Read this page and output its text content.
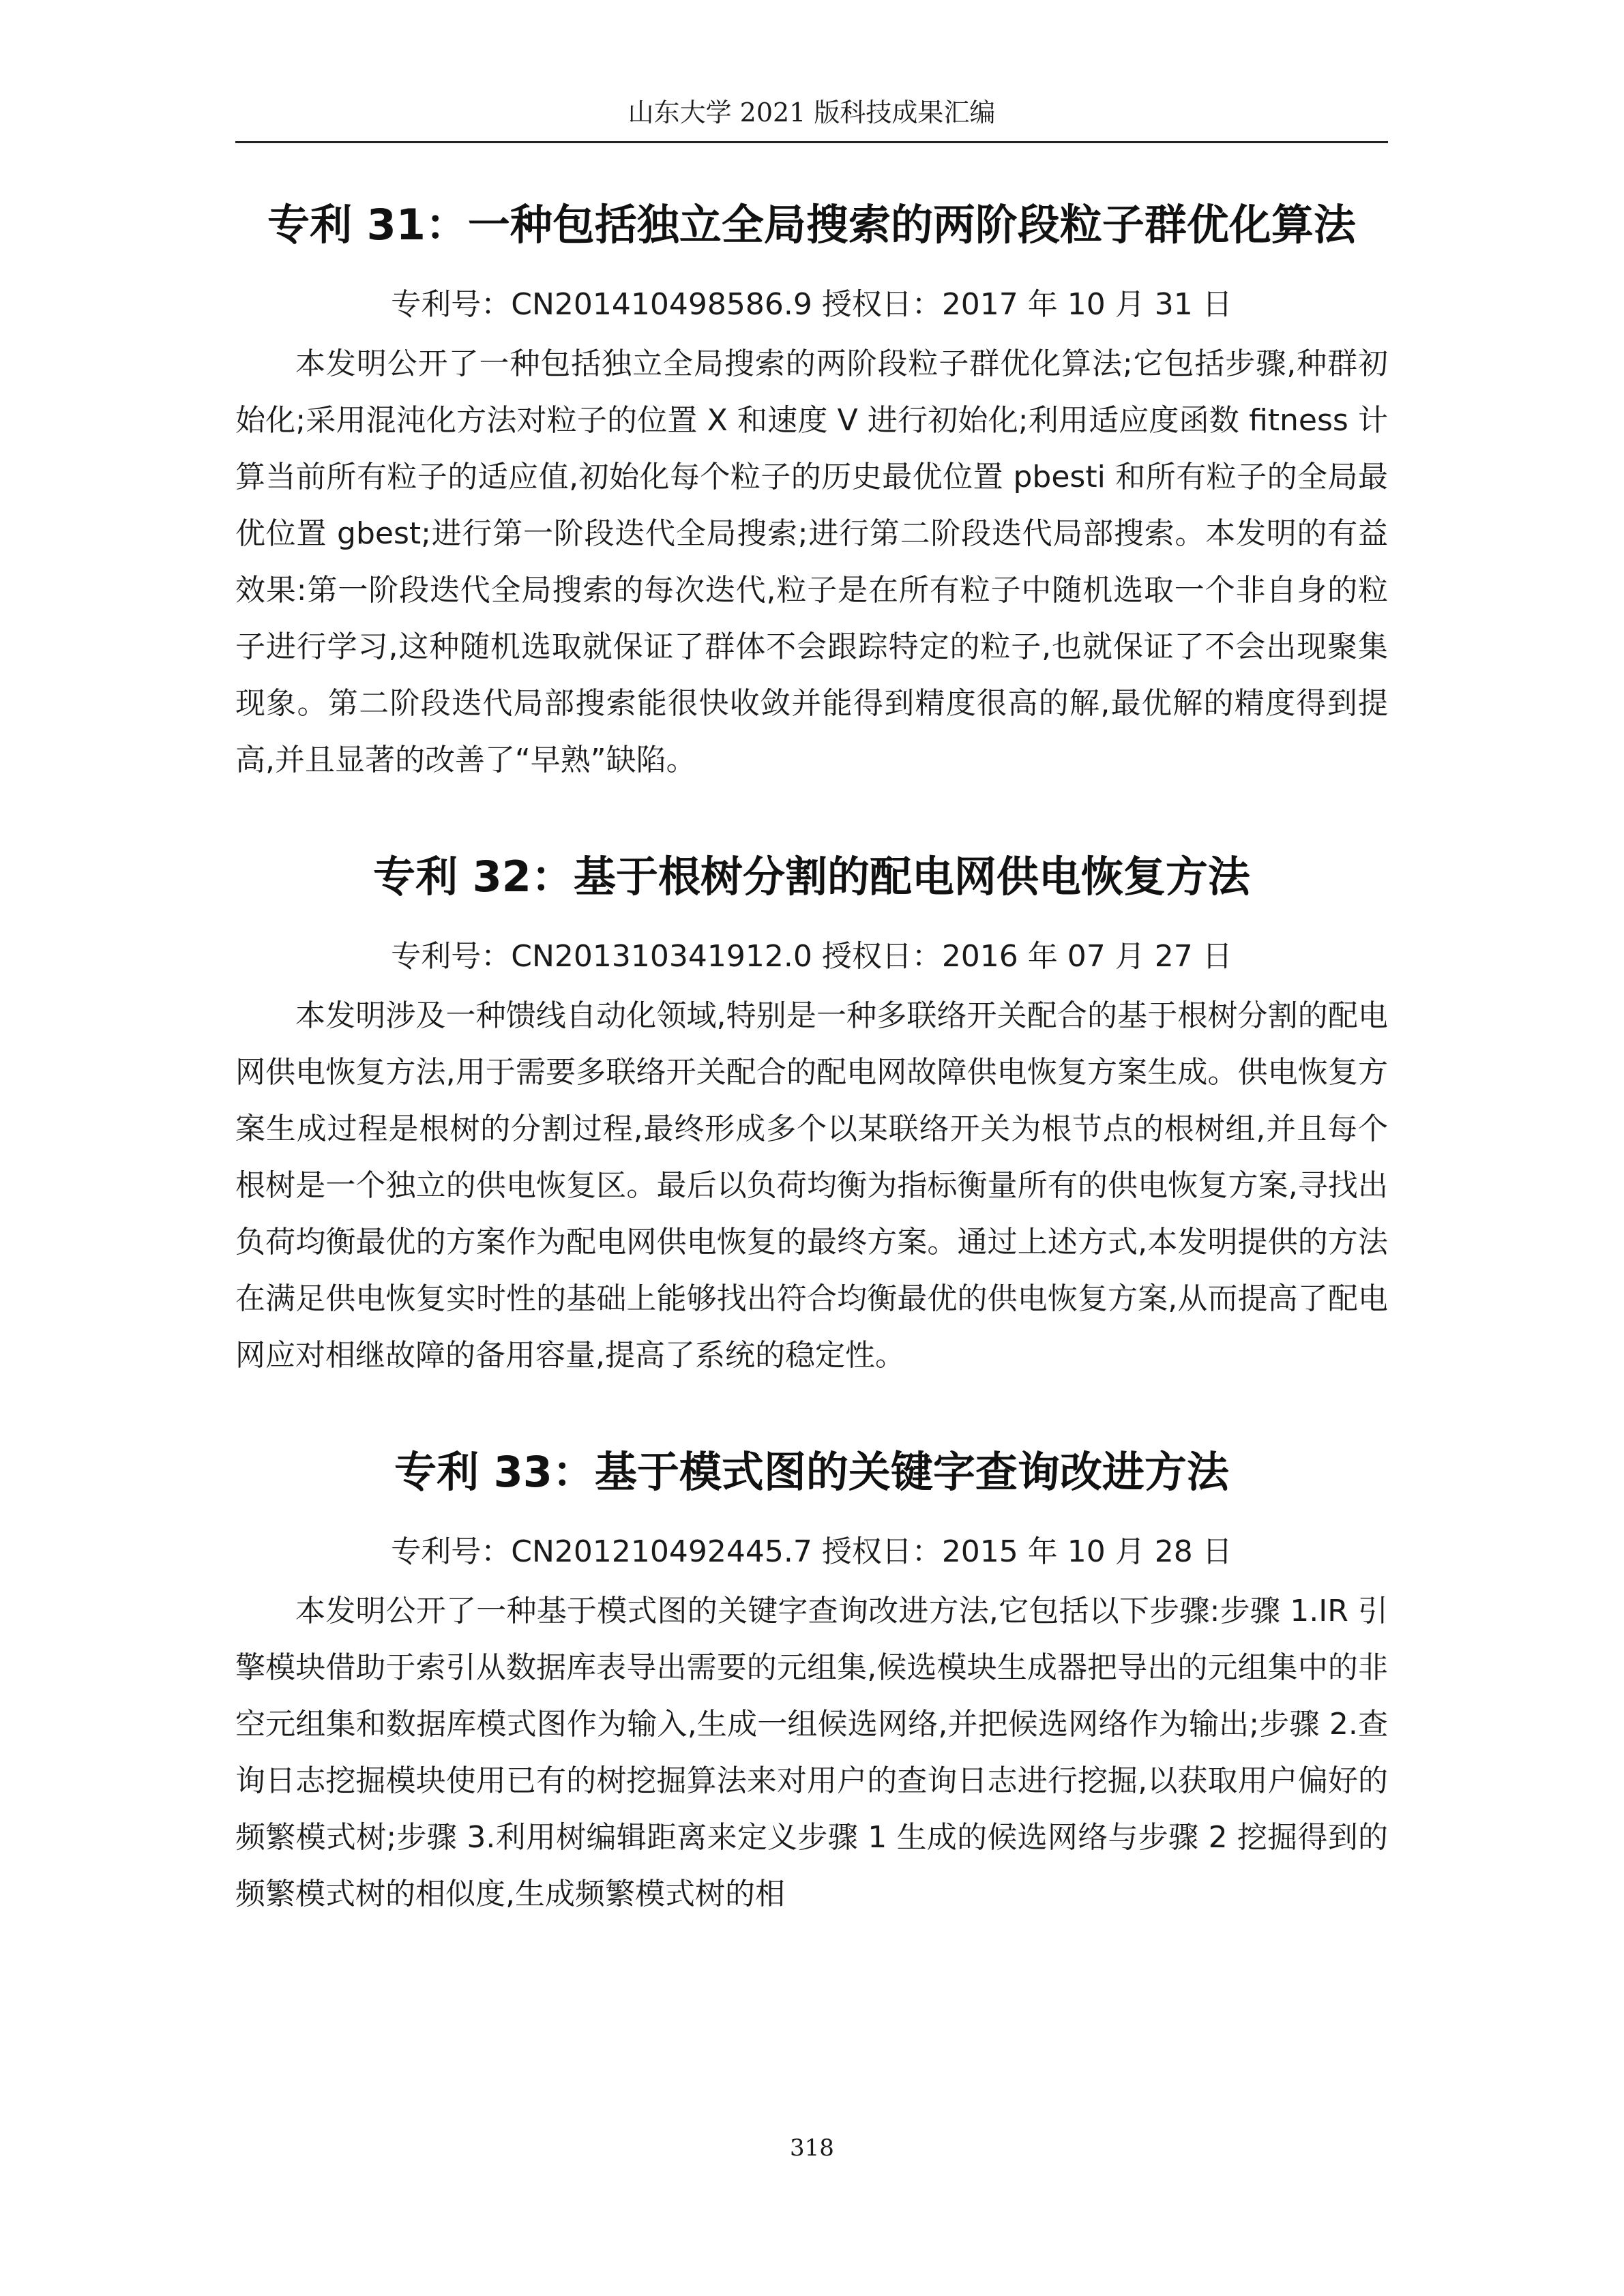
山东大学 2021 版科技成果汇编
专利 31：一种包括独立全局搜索的两阶段粒子群优化算法
专利号：CN201410498586.9 授权日：2017 年 10 月 31 日

本发明公开了一种包括独立全局搜索的两阶段粒子群优化算法;它包括步骤,种群初始化;采用混沌化方法对粒子的位置 X 和速度 V 进行初始化;利用适应度函数 fitness 计算当前所有粒子的适应值,初始化每个粒子的历史最优位置 pbesti 和所有粒子的全局最优位置 gbest;进行第一阶段迭代全局搜索;进行第二阶段迭代局部搜索。本发明的有益效果:第一阶段迭代全局搜索的每次迭代,粒子是在所有粒子中随机选取一个非自身的粒子进行学习,这种随机选取就保证了群体不会跟踪特定的粒子,也就保证了不会出现聚集现象。第二阶段迭代局部搜索能很快收敛并能得到精度很高的解,最优解的精度得到提高,并且显著的改善了“早熟”缺陷。

专利 32：基于根树分割的配电网供电恢复方法
专利号：CN201310341912.0 授权日：2016 年 07 月 27 日

本发明涉及一种馈线自动化领域,特别是一种多联络开关配合的基于根树分割的配电网供电恢复方法,用于需要多联络开关配合的配电网故障供电恢复方案生成。供电恢复方案生成过程是根树的分割过程,最终形成多个以某联络开关为根节点的根树组,并且每个根树是一个独立的供电恢复区。最后以负荷均衡为指标衡量所有的供电恢复方案,寻找出负荷均衡最优的方案作为配电网供电恢复的最终方案。通过上述方式,本发明提供的方法在满足供电恢复实时性的基础上能够找出符合均衡最优的供电恢复方案,从而提高了配电网应对相继故障的备用容量,提高了系统的稳定性。

专利 33：基于模式图的关键字查询改进方法
专利号：CN201210492445.7 授权日：2015 年 10 月 28 日

本发明公开了一种基于模式图的关键字查询改进方法,它包括以下步骤:步骤 1.IR 引擎模块借助于索引从数据库表导出需要的元组集,候选模块生成器把导出的元组集中的非空元组集和数据库模式图作为输入,生成一组候选网络,并把候选网络作为输出;步骤 2.查询日志挖掘模块使用已有的树挖掘算法来对用户的查询日志进行挖掘,以获取用户偏好的频繁模式树;步骤 3.利用树编辑距离来定义步骤 1 生成的候选网络与步骤 2 挖掘得到的频繁模式树的相似度,生成频繁模式树的相

318
